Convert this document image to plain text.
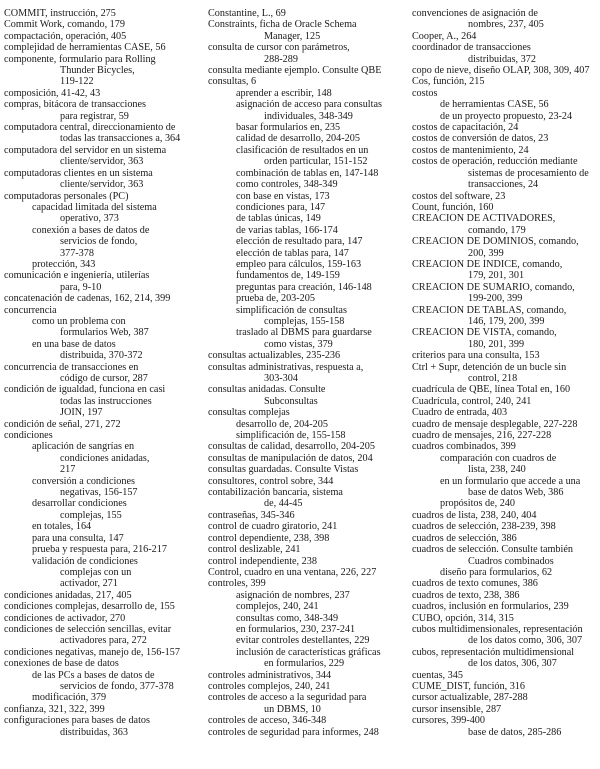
COMMIT, instrucción, 275
Commit Work, comando, 179
compactación, operación, 405
complejidad de herramientas CASE, 56
componente, formulario para Rolling
Thunder Bicycles,
119-122
composición, 41-42, 43
compras, bitácora de transacciones
para registrar, 59
computadora central, direccionamiento de
todas las transacciones a, 364
computadora del servidor en un sistema
cliente/servidor, 363
computadoras clientes en un sistema
cliente/servidor, 363
computadoras personales (PC)
capacidad limitada del sistema
operativo, 373
conexión a bases de datos de
servicios de fondo,
377-378
protección, 343
comunicación e ingeniería, utilerías
para, 9-10
concatenación de cadenas, 162, 214, 399
concurrencia
como un problema con
formularios Web, 387
en una base de datos
distribuida, 370-372
concurrencia de transacciones en
código de cursor, 287
condición de igualdad, funciona en casi
todas las instrucciones
JOIN, 197
condición de señal, 271, 272
condiciones
aplicación de sangrías en
condiciones anidadas,
217
conversión a condiciones
negativas, 156-157
desarrollar condiciones
complejas, 155
en totales, 164
para una consulta, 147
prueba y respuesta para, 216-217
validación de condiciones
complejas con un
activador, 271
condiciones anidadas, 217, 405
condiciones complejas, desarrollo de, 155
condiciones de activador, 270
condiciones de selección sencillas, evitar
activadores para, 272
condiciones negativas, manejo de, 156-157
conexiones de base de datos
de las PCs a bases de datos de
servicios de fondo, 377-378
modificación, 379
confianza, 321, 322, 399
configuraciones para bases de datos
distribuidas, 363
Constantine, L., 69
Constraints, ficha de Oracle Schema
Manager, 125
consulta de cursor con parámetros,
288-289
consulta mediante ejemplo. Consulte QBE
consultas, 6
aprender a escribir, 148
asignación de acceso para consultas
individuales, 348-349
basar formularios en, 235
calidad de desarrollo, 204-205
clasificación de resultados en un
orden particular, 151-152
combinación de tablas en, 147-148
como controles, 348-349
con base en vistas, 173
condiciones para, 147
de tablas únicas, 149
de varias tablas, 166-174
elección de resultado para, 147
elección de tablas para, 147
empleo para cálculos, 159-163
fundamentos de, 149-159
preguntas para creación, 146-148
prueba de, 203-205
simplificación de consultas
complejas, 155-158
traslado al DBMS para guardarse
como vistas, 379
consultas actualizables, 235-236
consultas administrativas, respuesta a,
303-304
consultas anidadas. Consulte
Subconsultas
consultas complejas
desarrollo de, 204-205
simplificación de, 155-158
consultas de calidad, desarrollo, 204-205
consultas de manipulación de datos, 204
consultas guardadas. Consulte Vistas
consultores, control sobre, 344
contabilización bancaria, sistema
de, 44-45
contraseñas, 345-346
control de cuadro giratorio, 241
control dependiente, 238, 398
control deslizable, 241
control independiente, 238
Control, cuadro en una ventana, 226, 227
controles, 399
asignación de nombres, 237
complejos, 240, 241
consultas como, 348-349
en formularios, 230, 237-241
evitar controles destellantes, 229
inclusión de características gráficas
en formularios, 229
controles administrativos, 344
controles complejos, 240, 241
controles de acceso a la seguridad para
un DBMS, 10
controles de acceso, 346-348
controles de seguridad para informes, 248
convenciones de asignación de
nombres, 237, 405
Cooper, A., 264
coordinador de transacciones
distribuidas, 372
copo de nieve, diseño OLAP, 308, 309, 407
Cos, función, 215
costos
de herramientas CASE, 56
de un proyecto propuesto, 23-24
costos de capacitación, 24
costos de conversión de datos, 23
costos de mantenimiento, 24
costos de operación, reducción mediante
sistemas de procesamiento de
transacciones, 24
costos del software, 23
Count, función, 160
CREACIÓN DE ACTIVADORES,
comando, 179
CREACIÓN DE DOMINIOS, comando,
200, 399
CREACIÓN DE ÍNDICE, comando,
179, 201, 301
CREACIÓN DE SUMARIO, comando,
199-200, 399
CREACIÓN DE TABLAS, comando,
146, 179, 200, 399
CREACIÓN DE VISTA, comando,
180, 201, 399
criterios para una consulta, 153
Ctrl + Supr, detención de un bucle sin
control, 218
cuadrícula de QBE, línea Total en, 160
Cuadrícula, control, 240, 241
Cuadro de entrada, 403
cuadro de mensaje desplegable, 227-228
cuadro de mensajes, 216, 227-228
cuadros combinados, 399
comparación con cuadros de
lista, 238, 240
en un formulario que accede a una
base de datos Web, 386
propósitos de, 240
cuadros de lista, 238, 240, 404
cuadros de selección, 238-239, 398
cuadros de selección, 386
cuadros de selección. Consulte también
Cuadros combinados
diseño para formularios, 62
cuadros de texto comunes, 386
cuadros de texto, 238, 386
cuadros, inclusión en formularios, 239
CUBO, opción, 314, 315
cubos multidimensionales, representación
de los datos como, 306, 307
cubos, representación multidimensional
de los datos, 306, 307
cuentas, 345
CUME_DIST, función, 316
cursor actualizable, 287-288
cursor insensible, 287
cursores, 399-400
base de datos, 285-286
